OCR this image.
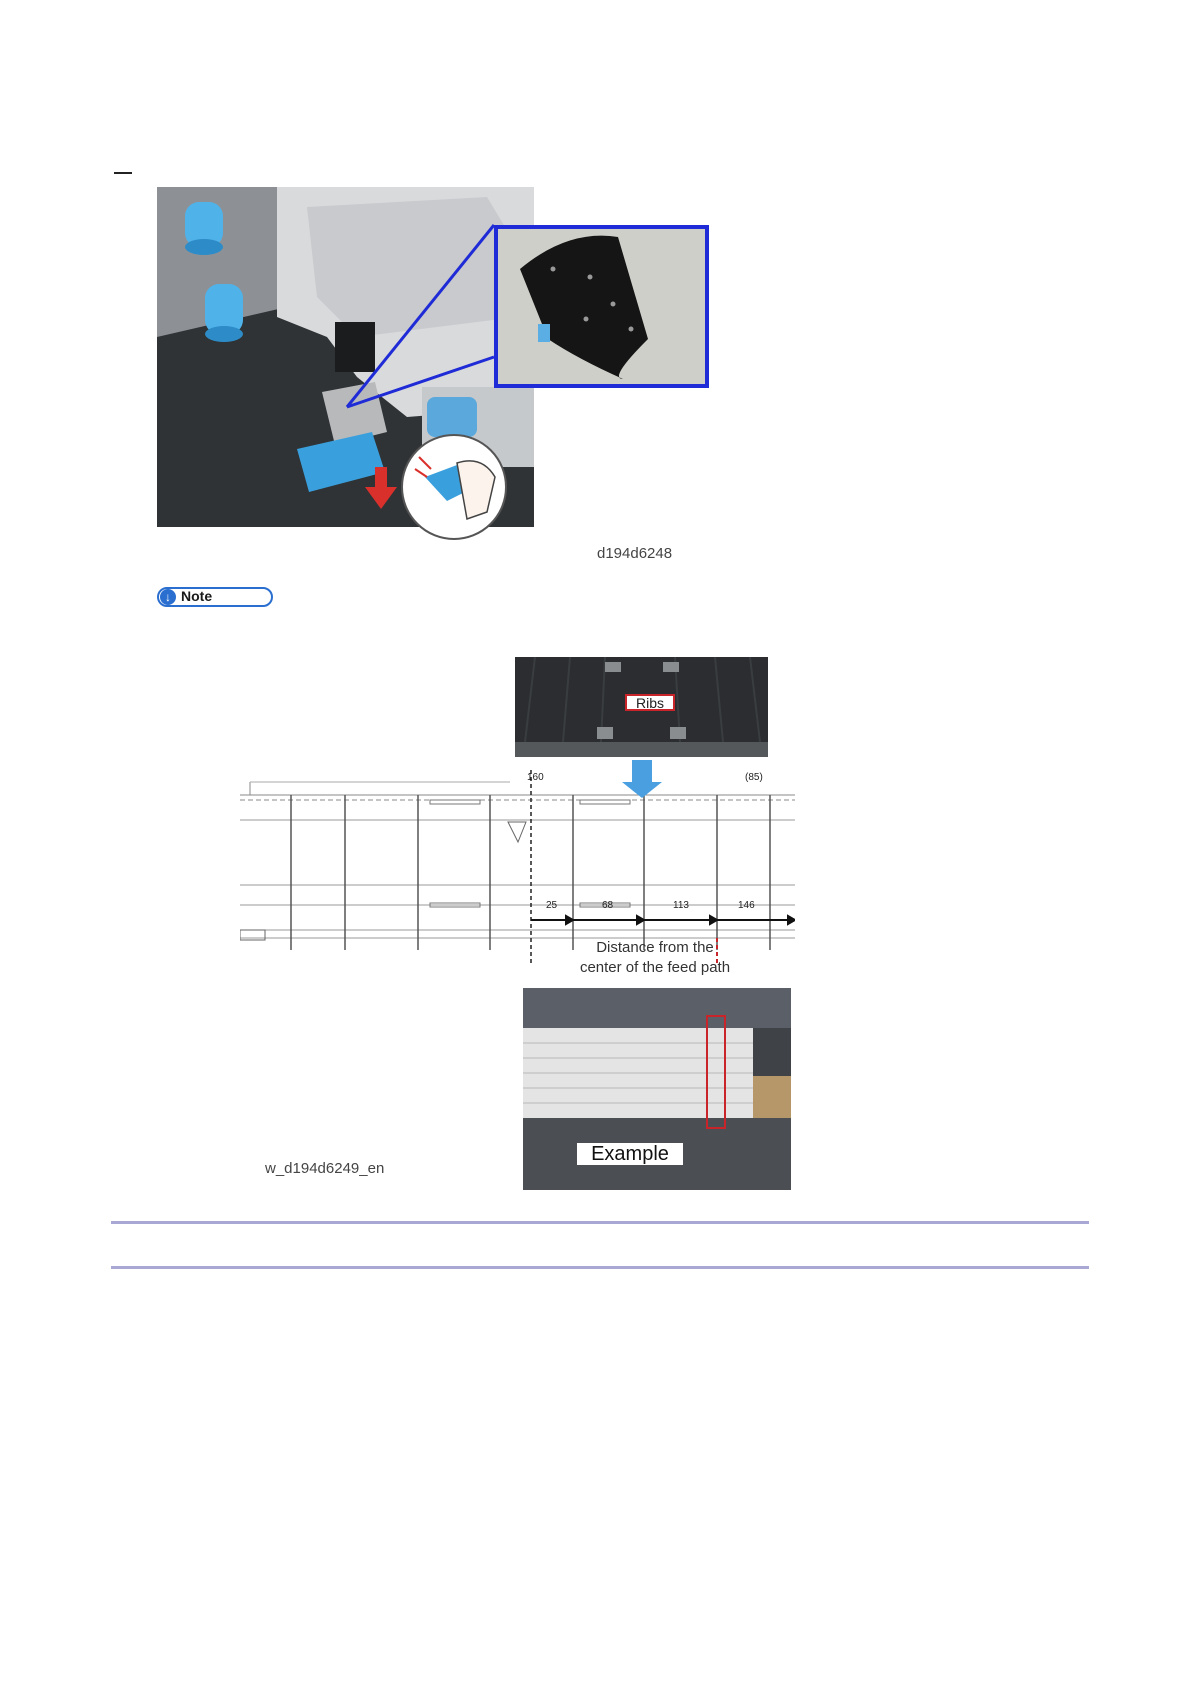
d194d6248
↓ Note
Ribs
160	(85)
25	68	113	146
Distance from the
center of the feed path
Example
w_d194d6249_en
